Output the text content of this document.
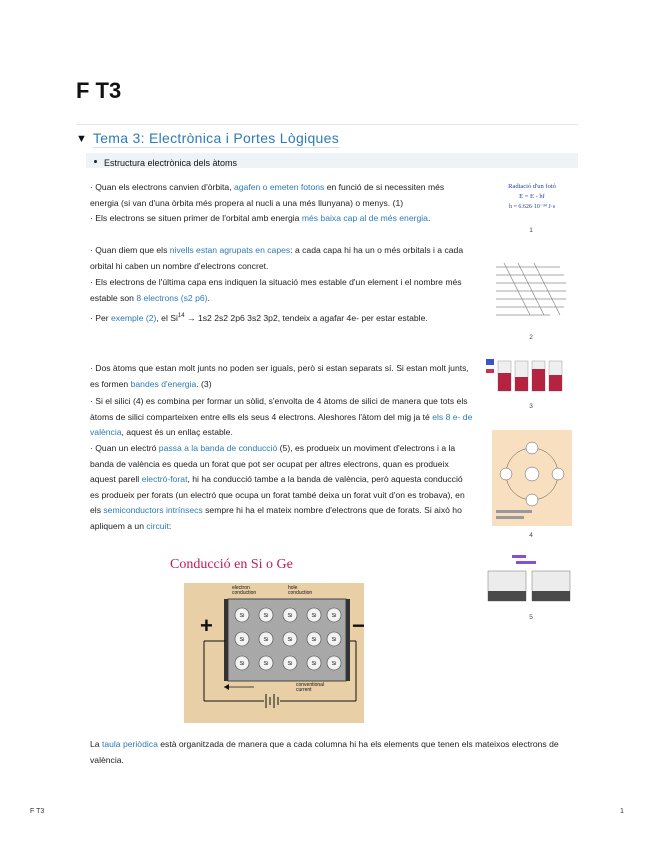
F T3
▼ Tema 3: Electrònica i Portes Lògiques
Estructura electrònica dels àtoms
· Quan els electrons canvien d'òrbita, agafen o emeten fotons en funció de si necessiten més energia (si van d'una òrbita més propera al nucli a una més llunyana) o menys. (1)
· Els electrons se situen primer de l'orbital amb energia més baixa cap al de més energia.
· Quan diem que els nivells estan agrupats en capes: a cada capa hi ha un o més orbitals i a cada orbital hi caben un nombre d'electrons concret.
· Els electrons de l'última capa ens indiquen la situació mes estable d'un element i el nombre més estable son 8 electrons (s2 p6).
· Per exemple (2), el $Si^{14} \to 1s2$ 2s2 2p6 3s2 3p2, tendeix a agafar 4e- per estar estable.
· Dos àtoms que estan molt junts no poden ser iguals, però si estan separats sí. Si estan molt junts, es formen bandes d'energia. (3)
· Si el silici (4) es combina per formar un sòlid, s'envolta de 4 àtoms de silici de manera que tots els àtoms de silici comparteixen entre ells els seus 4 electrons. Aleshores l'àtom del mig ja té els 8 e- de valència, aquest és un enllaç estable.
· Quan un electró passa a la banda de conducció (5), es produeix un moviment d'electrons i a la banda de valència es queda un forat que pot ser ocupat per altres electrons, quan es produeix aquest parell electró-forat, hi ha conducció tambe a la banda de valència, però aquesta conducció es produeix per forats (un electró que ocupa un forat també deixa un forat vuit d'on es trobava), en els semiconductors intrínsecs sempre hi ha el mateix nombre d'electrons que de forats. Si això ho apliquem a un circuit:
Radiació d'un fotó
E = E - hf
h = 6.626·10⁻³⁴ J·s
1
2
3
4
5
Conducció en Si o Ge
Si	Si	Si	Si	Si
Si	Si	Si	Si	Si
Si	Si	Si	Si	Si
electron conduction
hole conduction
conventional current
+	−
La taula periòdica està organitzada de manera que a cada columna hi ha els elements que tenen els mateixos electrons de valència.
F T3	1
